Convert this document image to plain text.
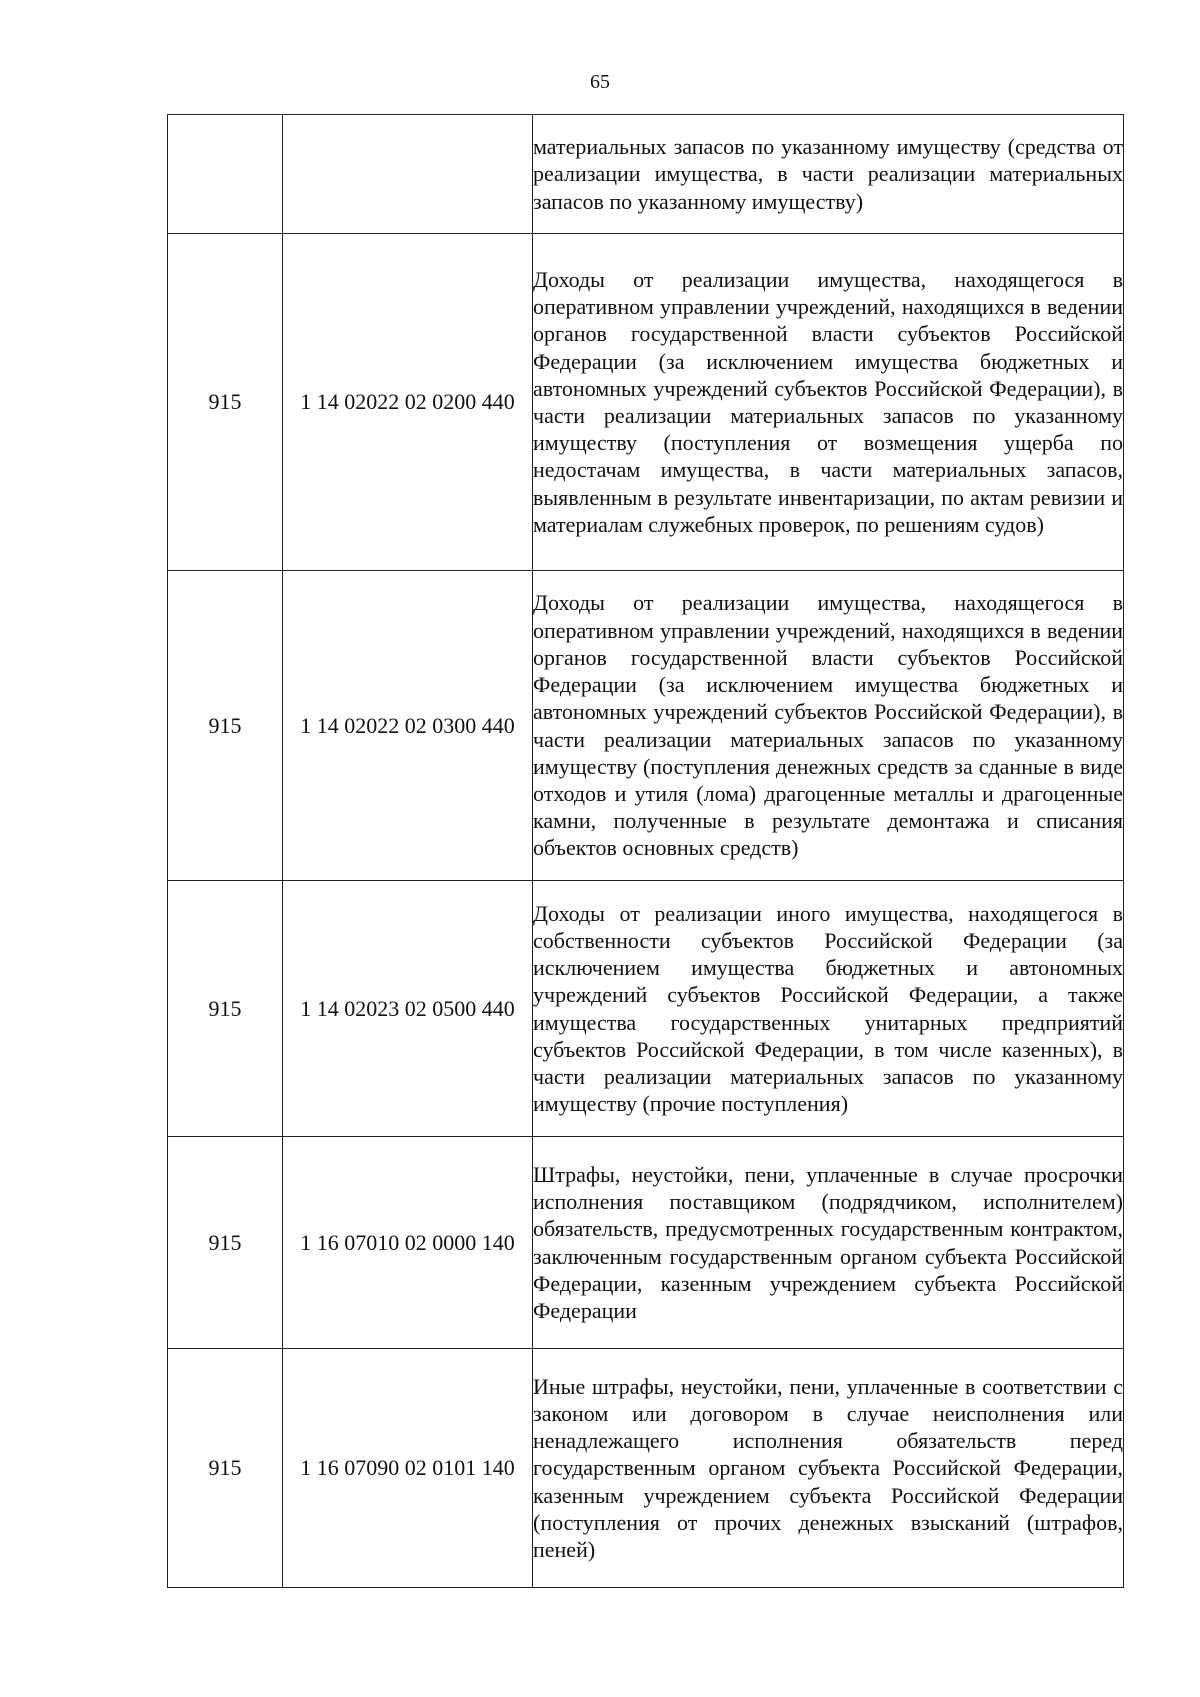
65
		материальных запасов по указанному имуществу (средства от реализации имущества, в части реализации материальных запасов по указанному имуществу)
915	1 14 02022 02 0200 440	Доходы от реализации имущества, находящегося в оперативном управлении учреждений, находящихся в ведении органов государственной власти субъектов Российской Федерации (за исключением имущества бюджетных и автономных учреждений субъектов Российской Федерации), в части реализации материальных запасов по указанному имуществу (поступления от возмещения ущерба по недостачам имущества, в части материальных запасов, выявленным в результате инвентаризации, по актам ревизии и материалам служебных проверок, по решениям судов)
915	1 14 02022 02 0300 440	Доходы от реализации имущества, находящегося в оперативном управлении учреждений, находящихся в ведении органов государственной власти субъектов Российской Федерации (за исключением имущества бюджетных и автономных учреждений субъектов Российской Федерации), в части реализации материальных запасов по указанному имуществу (поступления денежных средств за сданные в виде отходов и утиля (лома) драгоценные металлы и драгоценные камни, полученные в результате демонтажа и списания объектов основных средств)
915	1 14 02023 02 0500 440	Доходы от реализации иного имущества, находящегося в собственности субъектов Российской Федерации (за исключением имущества бюджетных и автономных учреждений субъектов Российской Федерации, а также имущества государственных унитарных предприятий субъектов Российской Федерации, в том числе казенных), в части реализации материальных запасов по указанному имуществу (прочие поступления)
915	1 16 07010 02 0000 140	Штрафы, неустойки, пени, уплаченные в случае просрочки исполнения поставщиком (подрядчиком, исполнителем) обязательств, предусмотренных государственным контрактом, заключенным государственным органом субъекта Российской Федерации, казенным учреждением субъекта Российской Федерации
915	1 16 07090 02 0101 140	Иные штрафы, неустойки, пени, уплаченные в соответствии с законом или договором в случае неисполнения или ненадлежащего исполнения обязательств перед государственным органом субъекта Российской Федерации, казенным учреждением субъекта Российской Федерации (поступления от прочих денежных взысканий (штрафов, пеней)
